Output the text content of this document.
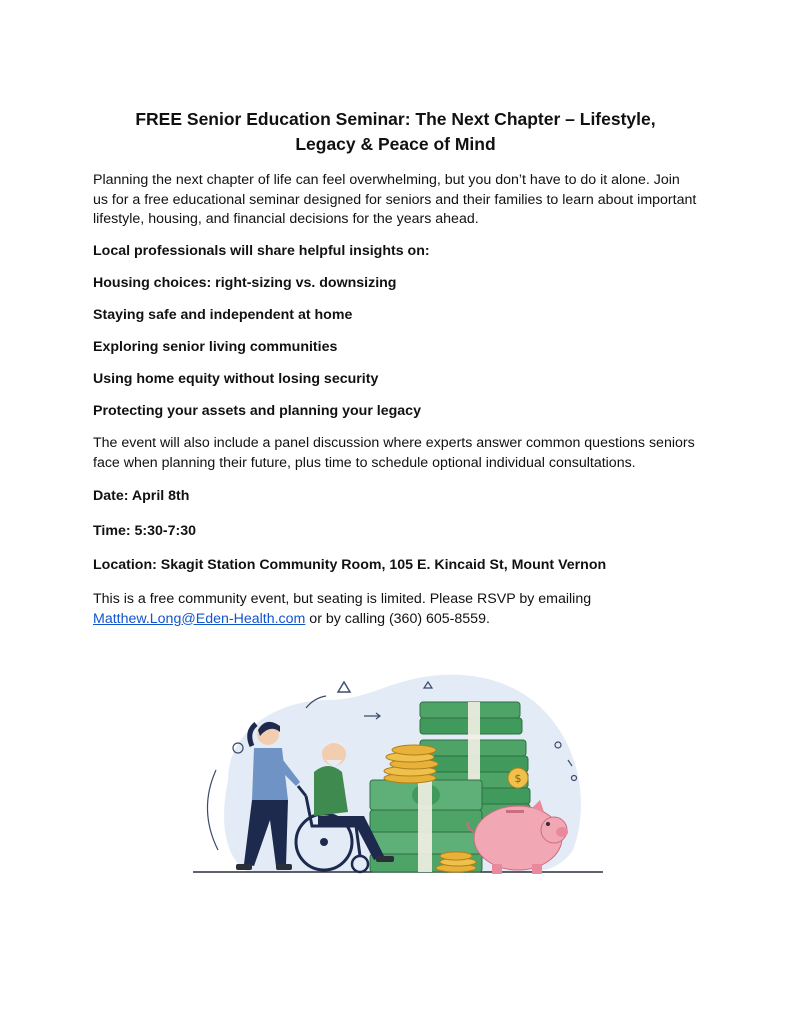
FREE Senior Education Seminar: The Next Chapter – Lifestyle,
Legacy & Peace of Mind

Planning the next chapter of life can feel overwhelming, but you don’t have to do it alone. Join
us for a free educational seminar designed for seniors and their families to learn about important
lifestyle, housing, and financial decisions for the years ahead.

Local professionals will share helpful insights on:

Housing choices: right-sizing vs. downsizing

Staying safe and independent at home

Exploring senior living communities

Using home equity without losing security

Protecting your assets and planning your legacy

The event will also include a panel discussion where experts answer common questions seniors
face when planning their future, plus time to schedule optional individual consultations.

Date: April 8th

Time: 5:30-7:30

Location: Skagit Station Community Room, 105 E. Kincaid St, Mount Vernon

This is a free community event, but seating is limited. Please RSVP by emailing
Matthew.Long@Eden-Health.com or by calling (360) 605-8559.

$
